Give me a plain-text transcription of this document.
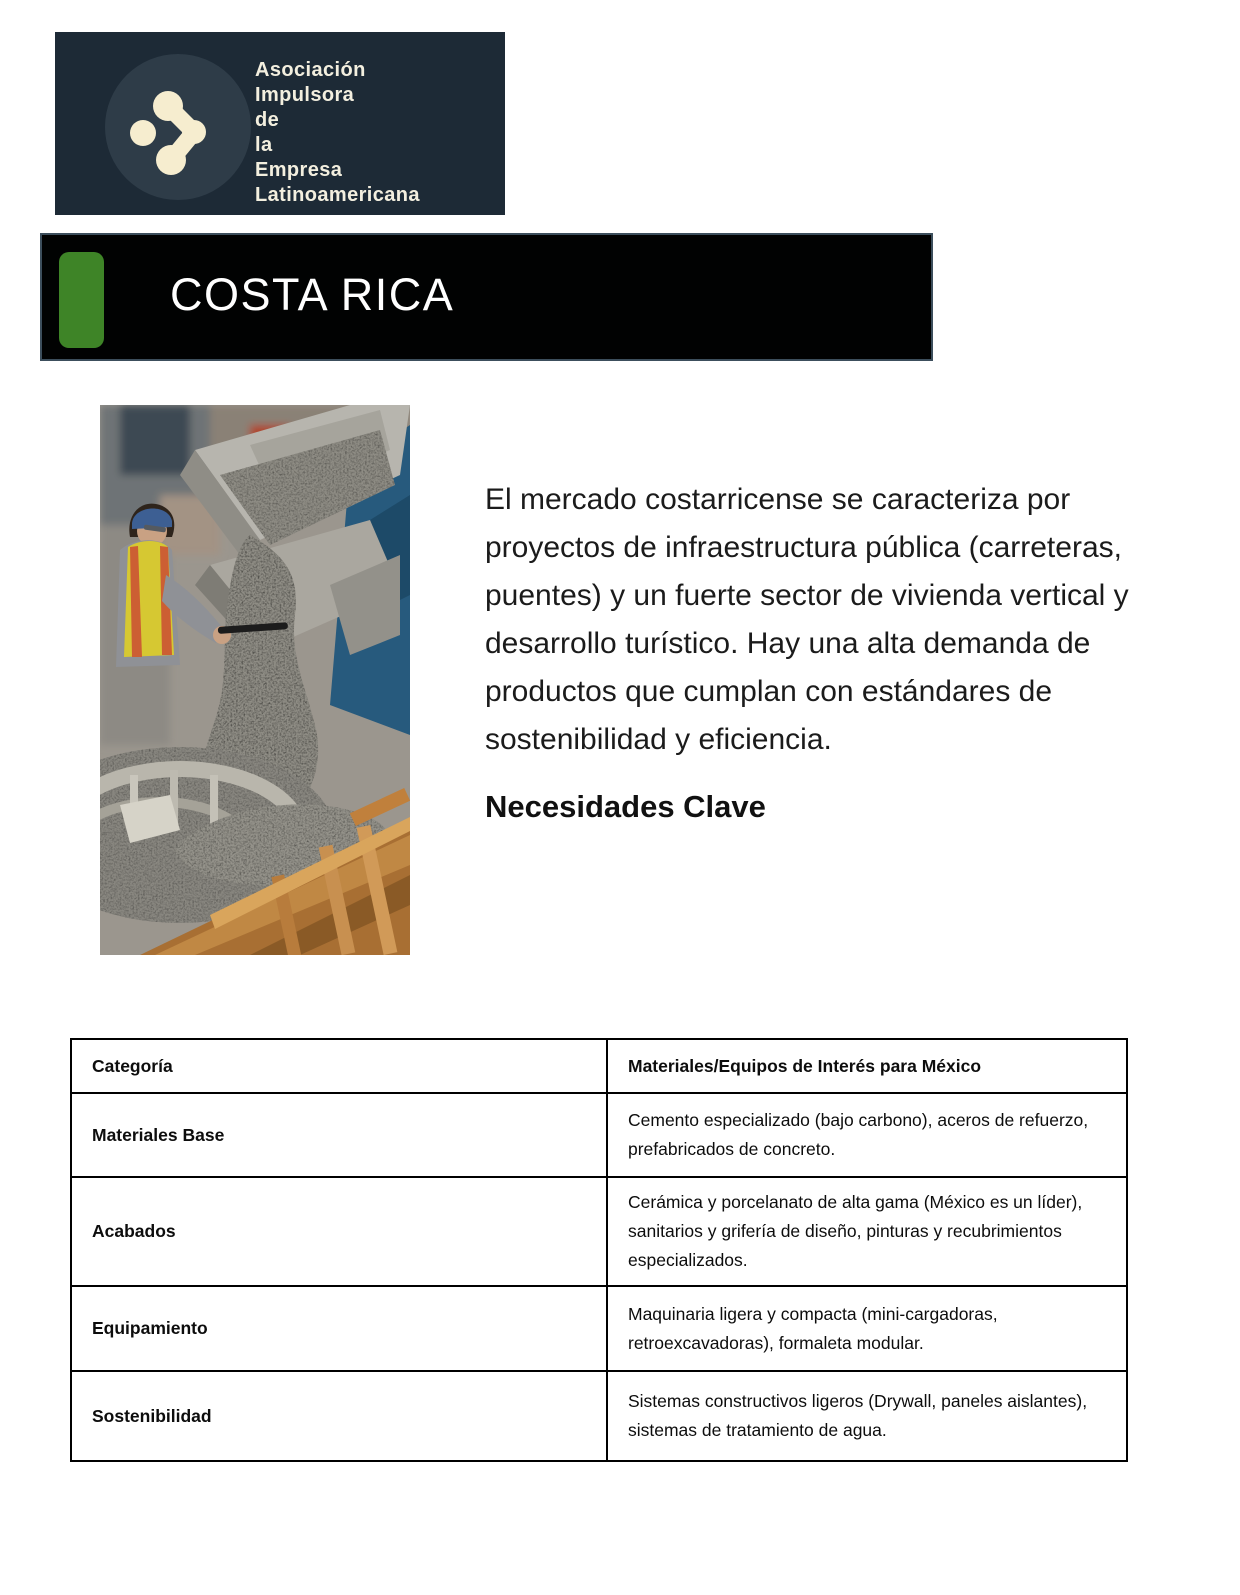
Asociación
Impulsora
de
la
Empresa
Latinoamericana
COSTA RICA

El mercado costarricense se caracteriza por proyectos de infraestructura pública (carreteras, puentes) y un fuerte sector de vivienda vertical y desarrollo turístico. Hay una alta demanda de productos que cumplan con estándares de sostenibilidad y eficiencia.

Necesidades Clave
Categoría	Materiales/Equipos de Interés para México
Materiales Base	Cemento especializado (bajo carbono), aceros de refuerzo, prefabricados de concreto.
Acabados	Cerámica y porcelanato de alta gama (México es un líder), sanitarios y grifería de diseño, pinturas y recubrimientos especializados.
Equipamiento	Maquinaria ligera y compacta (mini-cargadoras, retroexcavadoras), formaleta modular.
Sostenibilidad	Sistemas constructivos ligeros (Drywall, paneles aislantes), sistemas de tratamiento de agua.
